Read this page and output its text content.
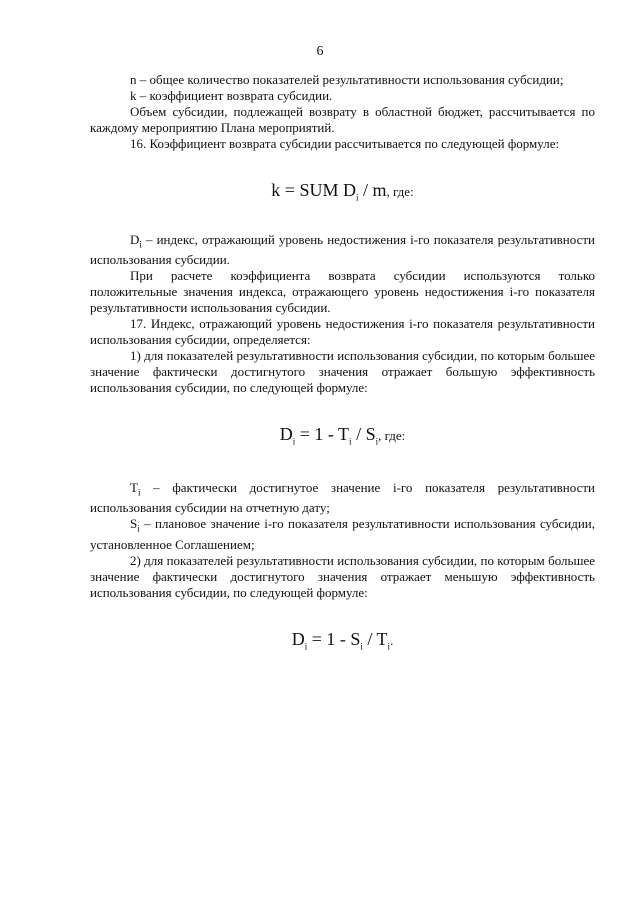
6

n – общее количество показателей результативности использования субсидии;

k – коэффициент возврата субсидии.

Объем субсидии, подлежащей возврату в областной бюджет, рассчитывается по каждому мероприятию Плана мероприятий.

16. Коэффициент возврата субсидии рассчитывается по следующей формуле:

k = SUM $D_i$ / m, где:

$D_i$ – индекс, отражающий уровень недостижения i-го показателя результативности использования субсидии.

При расчете коэффициента возврата субсидии используются только положительные значения индекса, отражающего уровень недостижения i-го показателя результативности использования субсидии.

17. Индекс, отражающий уровень недостижения i-го показателя результативности использования субсидии, определяется:

1) для показателей результативности использования субсидии, по которым большее значение фактически достигнутого значения отражает большую эффективность использования субсидии, по следующей формуле:

$D_i = 1 - T_i / S_i$, где:

$T_i$ – фактически достигнутое значение i-го показателя результативности использования субсидии на отчетную дату;

$S_i$ – плановое значение i-го показателя результативности использования субсидии, установленное Соглашением;

2) для показателей результативности использования субсидии, по которым большее значение фактически достигнутого значения отражает меньшую эффективность использования субсидии, по следующей формуле:

$D_i = 1 - S_i / T_i$.
